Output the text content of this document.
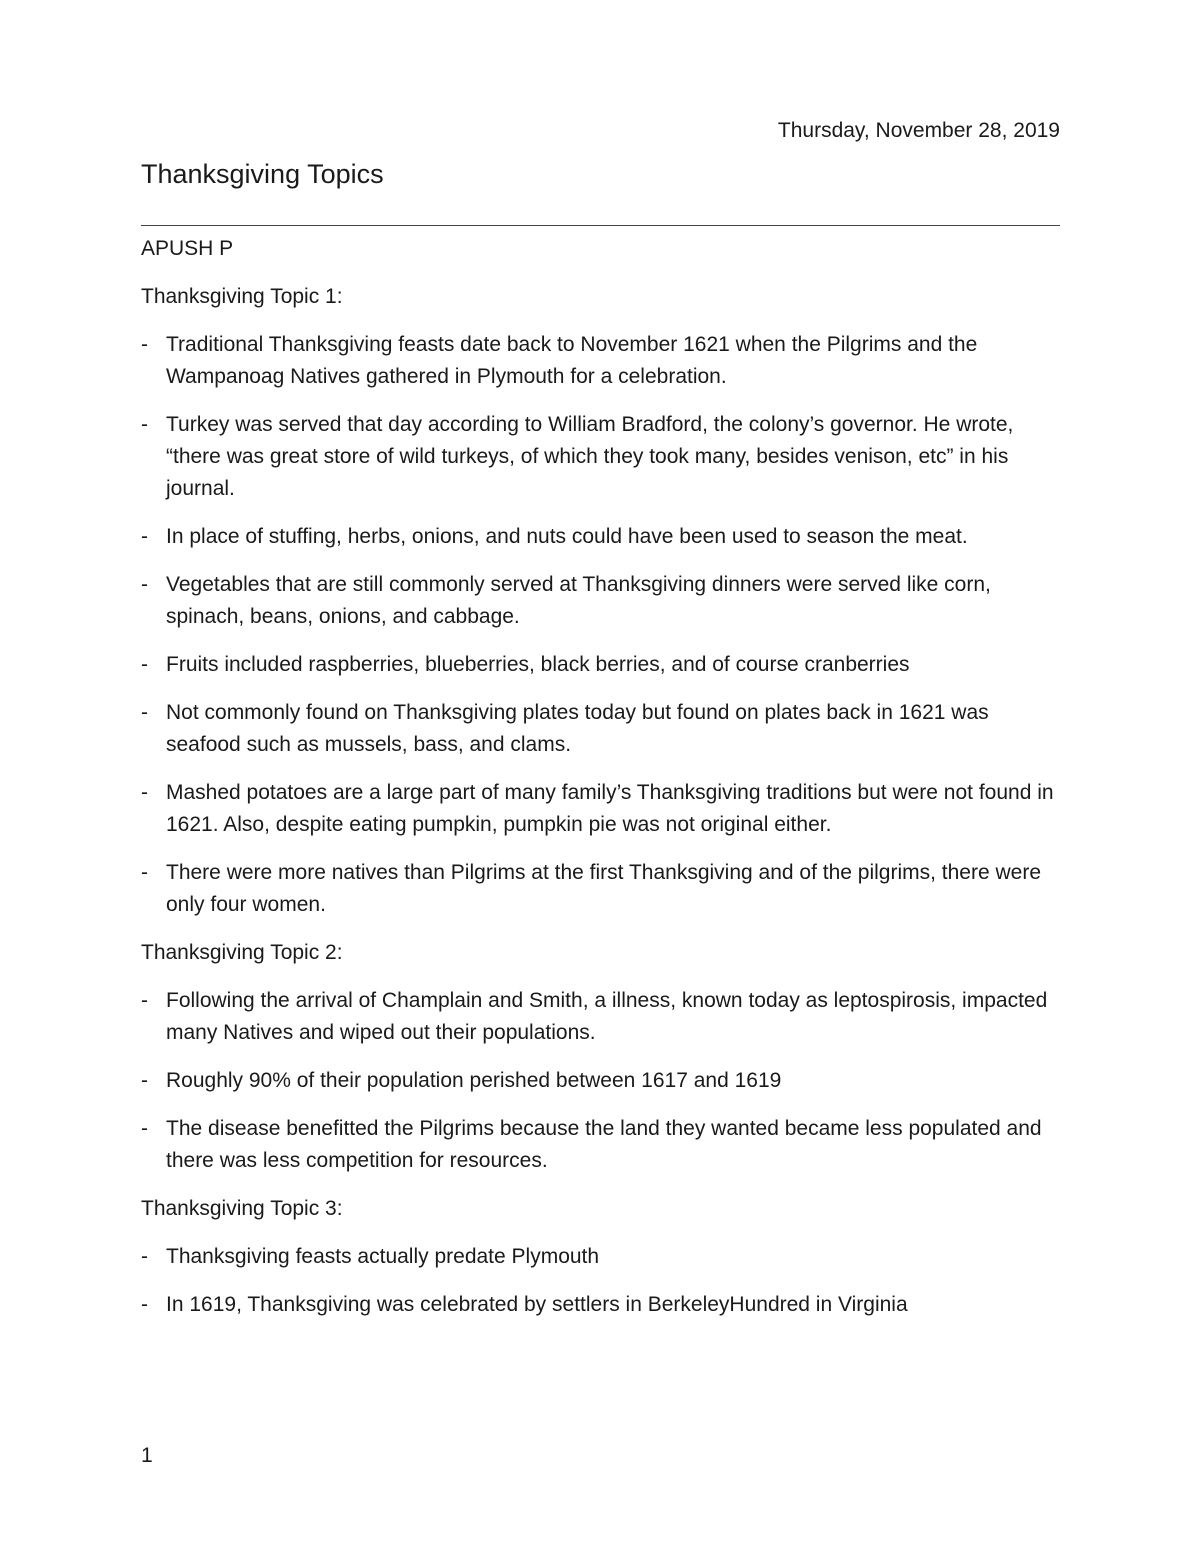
Thursday, November 28, 2019
Thanksgiving Topics

APUSH P

Thanksgiving Topic 1:

- Traditional Thanksgiving feasts date back to November 1621 when the Pilgrims and the Wampanoag Natives gathered in Plymouth for a celebration.
- Turkey was served that day according to William Bradford, the colony’s governor. He wrote, “there was great store of wild turkeys, of which they took many, besides venison, etc” in his journal.
- In place of stuffing, herbs, onions, and nuts could have been used to season the meat.
- Vegetables that are still commonly served at Thanksgiving dinners were served like corn, spinach, beans, onions, and cabbage.
- Fruits included raspberries, blueberries, black berries, and of course cranberries
- Not commonly found on Thanksgiving plates today but found on plates back in 1621 was seafood such as mussels, bass, and clams.
- Mashed potatoes are a large part of many family’s Thanksgiving traditions but were not found in 1621. Also, despite eating pumpkin, pumpkin pie was not original either.
- There were more natives than Pilgrims at the first Thanksgiving and of the pilgrims, there were only four women.

Thanksgiving Topic 2:

- Following the arrival of Champlain and Smith, a illness, known today as leptospirosis, impacted many Natives and wiped out their populations.
- Roughly 90% of their population perished between 1617 and 1619
- The disease benefitted the Pilgrims because the land they wanted became less populated and there was less competition for resources.

Thanksgiving Topic 3:

- Thanksgiving feasts actually predate Plymouth
- In 1619, Thanksgiving was celebrated by settlers in BerkeleyHundred in Virginia
1
